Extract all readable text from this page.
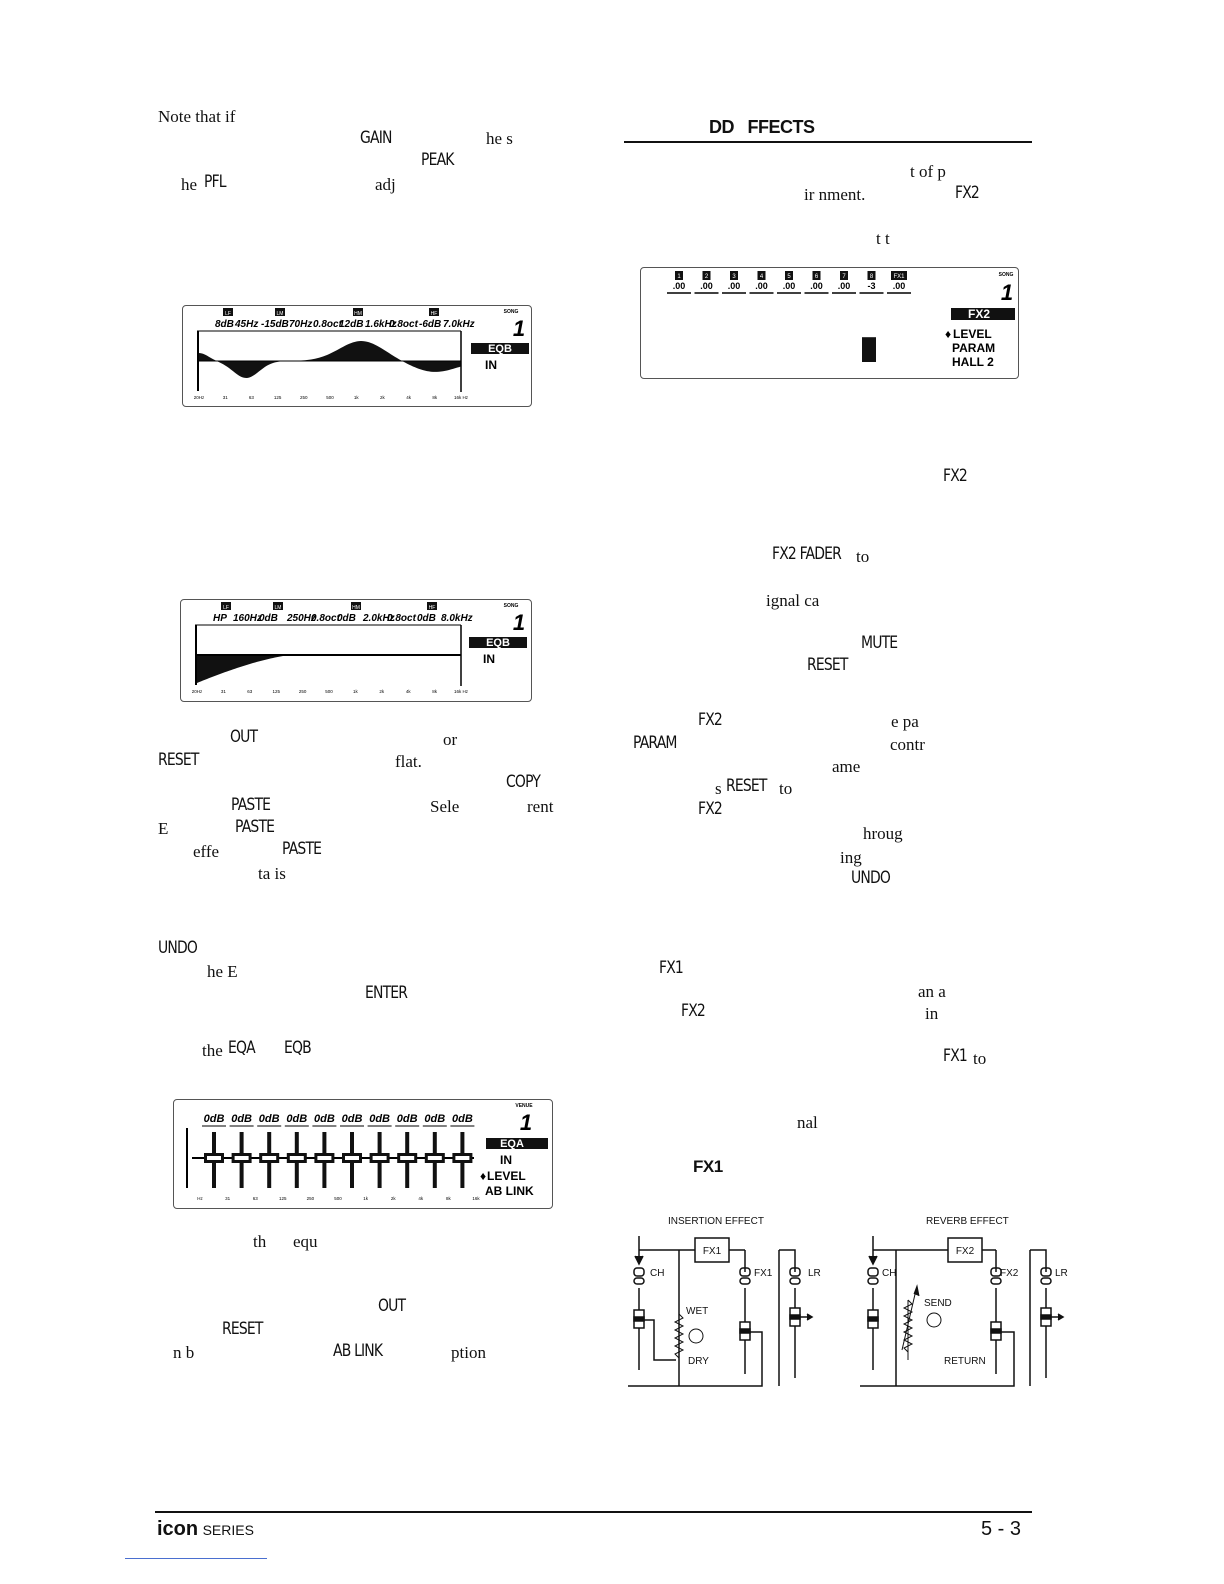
Note that if
GAIN	he s
PEAK
he PFL	adj
LF	LM	HM	HF
8dB 45Hz -15dB 70Hz 0.8oct
12dB 1.6kHz
0.8oct -6dB 7.0kHz
20Hz	31	63	125	250	500	1k	2k	4k	8k	16k Hz
SONG
1
EQB
IN
LF	LM	HM	HF
HP 160Hz
0dB 250Hz
0.8oct
0dB 2.0kHz
0.8oct 0dB 8.0kHz
20Hz	31	63	125	250	500	1k	2k	4k	8k	16k Hz
SONG
1
EQB
IN
OUT	or
RESET	flat.
COPY
PASTE	Sele	rent
E	PASTE
effe	PASTE
ta is
UNDO
he E
ENTER
the EQA EQB
0dB 0dB 0dB 0dB 0dB 0dB 0dB 0dB 0dB 0dB
Hz	31	63	125	250	500	1k	2k	4k	8k	16k
VENUE
1
EQA
IN
♦ LEVEL
AB LINK
th equ
OUT
RESET
n b	AB LINK	ption
DD   FFECTS
t of p
ir nment.	FX2
t t
1	2	3	4	5	6	7	8	FX1
.00 .00 .00 .00 .00 .00 .00 -3 .00
SONG
1
FX2
♦ LEVEL
PARAM
HALL 2
FX2
FX2 FADER to
ignal ca
MUTE
RESET
FX2	e pa
PARAM	contr
ame
s RESET to
FX2
hroug
ing
UNDO
FX1
an a
FX2	in
FX1 to
nal
FX1
INSERTION EFFECT
FX1
CH	FX1	LR
WET
DRY
REVERB EFFECT
FX2
CH	FX2	LR
SEND
RETURN
icon SERIES	5 - 3
